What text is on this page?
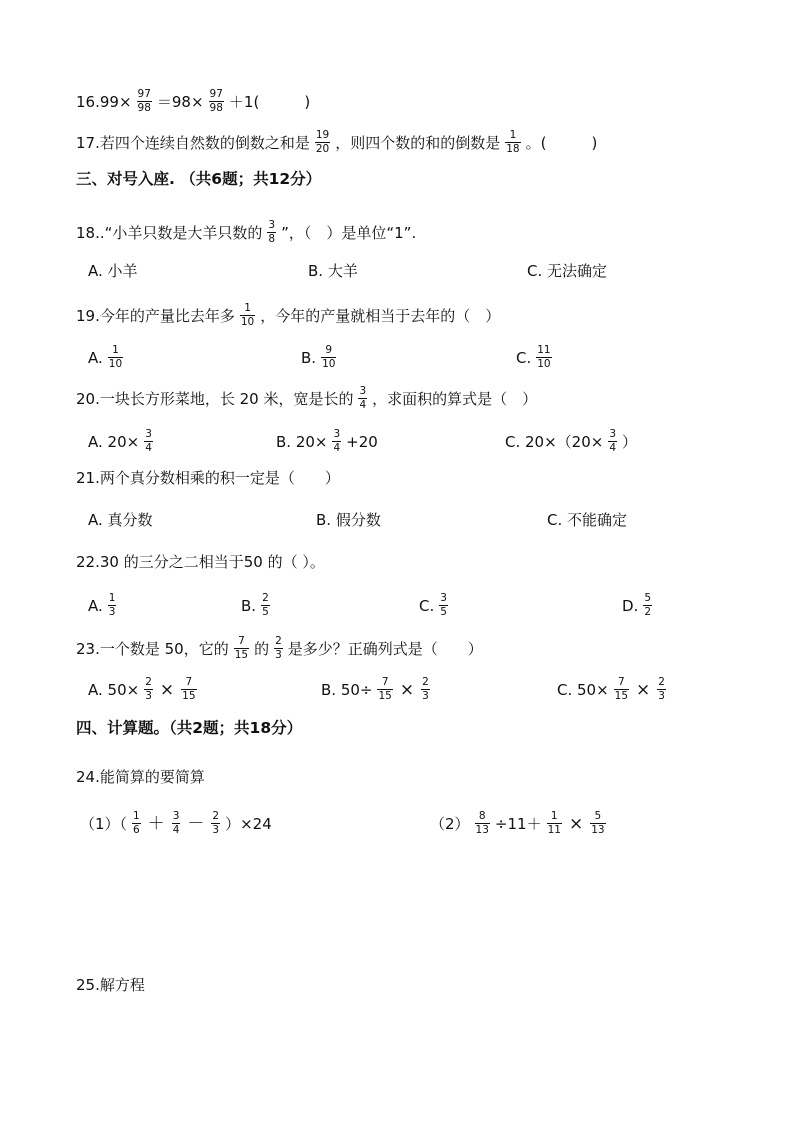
$16.99\times \frac{97}{98} =98\times \frac{97}{98} +1$(　　　	)
17.若四个连续自然数的倒数之和是 $\frac{19}{20}$ ，则四个数的和的倒数是 $\frac{1}{18}$ 。(　　　	)
三、对号入座. （共6题；共12分）
18..“小羊只数是大羊只数的 $\frac{3}{8}$ ”，（　）是单位“1”.
A. 小羊	B. 大羊	C. 无法确定
19.今年的产量比去年多 $\frac{1}{10}$ ，今年的产量就相当于去年的（　）
A. $\frac{1}{10}$	B. $\frac{9}{10}$	C. $\frac{11}{10}$
20.一块长方形菜地，长 20 米，宽是长的 $\frac{3}{4}$ ，求面积的算式是（　）
A. $20\times \frac{3}{4}$	B. $20\times \frac{3}{4} +20$	C. $20\times(20\times \frac{3}{4}$ ）
21.两个真分数相乘的积一定是（　　）
A. 真分数	B. 假分数	C. 不能确定
22.30 的三分之二相当于50 的（ ）。
A. $\frac{1}{3}$	B. $\frac{2}{5}$	C. $\frac{3}{5}$	D. $\frac{5}{2}$
23.一个数是 50，它的 $\frac{7}{15}$ 的 $\frac{2}{3}$ 是多少？正确列式是（　　）
A. $50\times \frac{2}{3} \times \frac{7}{15}$	B. $50\div \frac{7}{15} \times \frac{2}{3}$	C. $50\times \frac{7}{15} \times \frac{2}{3}$
四、计算题。（共2题；共18分）
24.能简算的要简算
$(1)( \frac{1}{6} + \frac{3}{4} - \frac{2}{3} )\times 24$	$(2) \frac{8}{13} \div 11+ \frac{1}{11} \times \frac{5}{13}$
25.解方程
